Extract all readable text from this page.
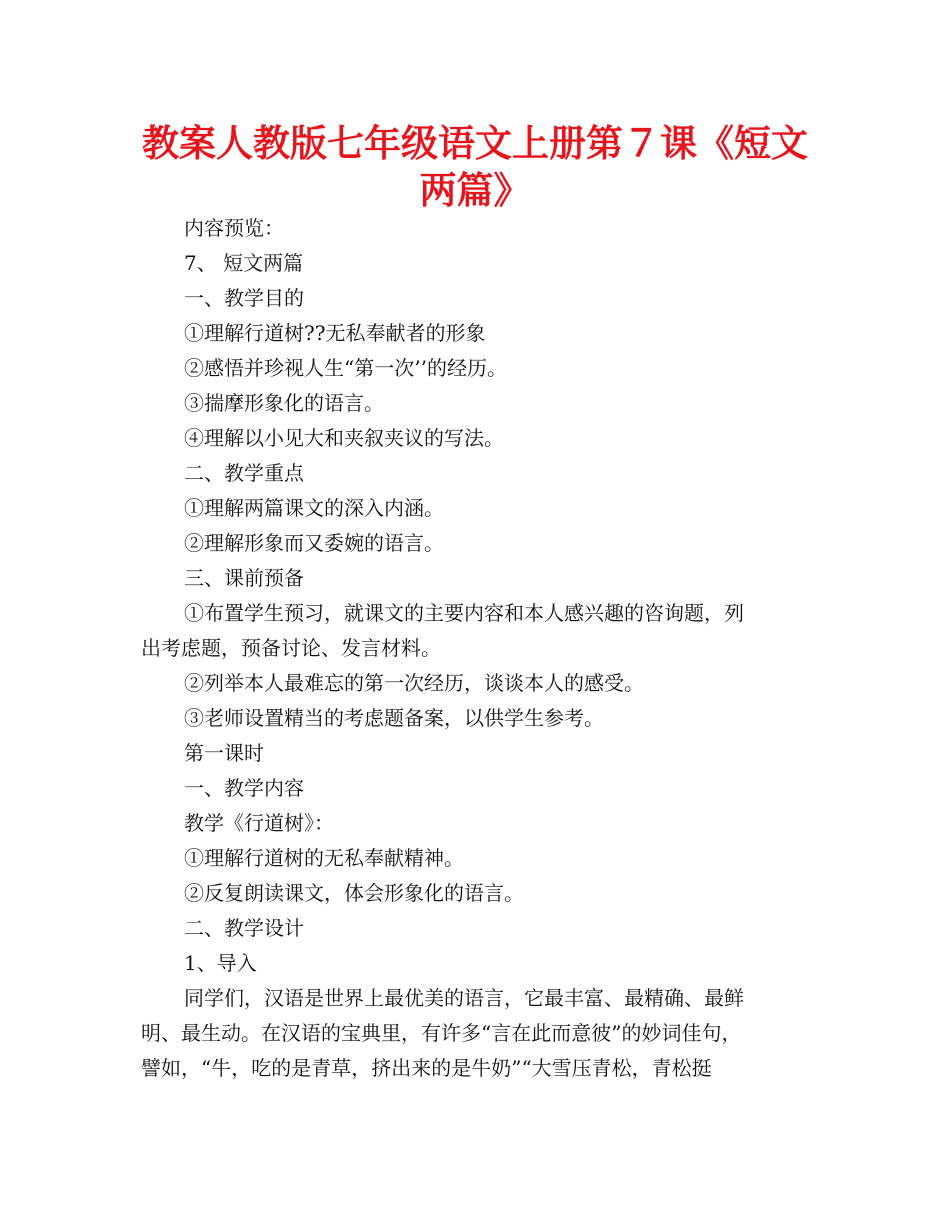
教案人教版七年级语文上册第７课《短文
两篇》

内容预览：

7、 短文两篇

一、教学目的

①理解行道树??无私奉献者的形象

②感悟并珍视人生“第一次’’的经历。

③揣摩形象化的语言。

④理解以小见大和夹叙夹议的写法。

二、教学重点

①理解两篇课文的深入内涵。

②理解形象而又委婉的语言。

三、课前预备

①布置学生预习，就课文的主要内容和本人感兴趣的咨询题，列

出考虑题，预备讨论、发言材料。

②列举本人最难忘的第一次经历，谈谈本人的感受。

③老师设置精当的考虑题备案，以供学生参考。

第一课时

一、教学内容

教学《行道树》：

①理解行道树的无私奉献精神。

②反复朗读课文，体会形象化的语言。

二、教学设计

1、导入

同学们，汉语是世界上最优美的语言，它最丰富、最精确、最鲜

明、最生动。在汉语的宝典里，有许多“言在此而意彼”的妙词佳句，

譬如，“牛，吃的是青草，挤出来的是牛奶”“大雪压青松，青松挺
